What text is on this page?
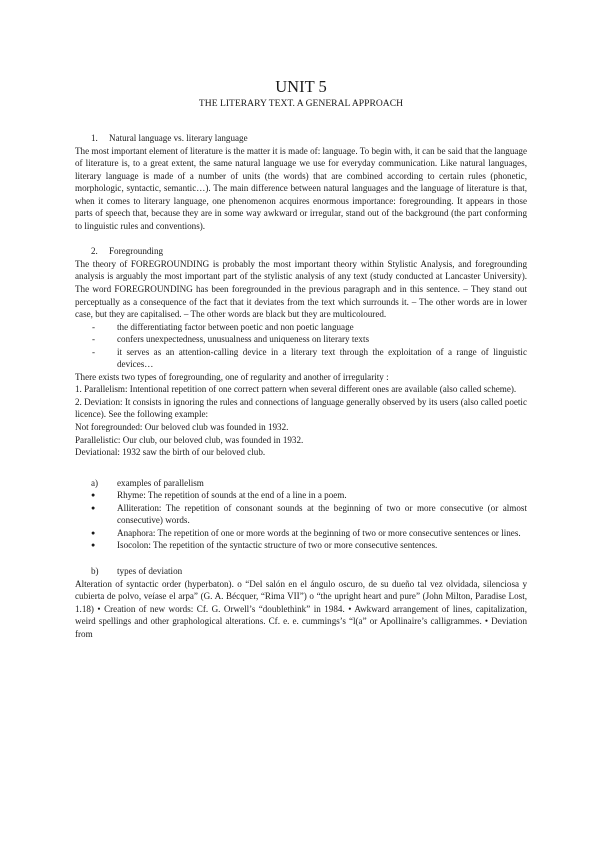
UNIT 5
THE LITERARY TEXT. A GENERAL APPROACH
1. Natural language vs. literary language

The most important element of literature is the matter it is made of: language. To begin with, it can be said that the language of literature is, to a great extent, the same natural language we use for everyday communication. Like natural languages, literary language is made of a number of units (the words) that are combined according to certain rules (phonetic, morphologic, syntactic, semantic…). The main difference between natural languages and the language of literature is that, when it comes to literary language, one phenomenon acquires enormous importance: foregrounding. It appears in those parts of speech that, because they are in some way awkward or irregular, stand out of the background (the part conforming to linguistic rules and conventions).

2. Foregrounding

The theory of FOREGROUNDING is probably the most important theory within Stylistic Analysis, and foregrounding analysis is arguably the most important part of the stylistic analysis of any text (study conducted at Lancaster University). The word FOREGROUNDING has been foregrounded in the previous paragraph and in this sentence. – They stand out perceptually as a consequence of the fact that it deviates from the text which surrounds it. – The other words are in lower case, but they are capitalised. – The other words are black but they are multicoloured.

- the differentiating factor between poetic and non poetic language
- confers unexpectedness, unusualness and uniqueness on literary texts
- it serves as an attention-calling device in a literary text through the exploitation of a range of linguistic devices…

There exists two types of foregrounding, one of regularity and another of irregularity :

1. Parallelism: Intentional repetition of one correct pattern when several different ones are available (also called scheme).

2. Deviation: It consists in ignoring the rules and connections of language generally observed by its users (also called poetic licence). See the following example:

Not foregrounded: Our beloved club was founded in 1932.

Parallelistic: Our club, our beloved club, was founded in 1932.

Deviational: 1932 saw the birth of our beloved club.

a) examples of parallelism
● Rhyme: The repetition of sounds at the end of a line in a poem.
● Alliteration: The repetition of consonant sounds at the beginning of two or more consecutive (or almost consecutive) words.
● Anaphora: The repetition of one or more words at the beginning of two or more consecutive sentences or lines.
● Isocolon: The repetition of the syntactic structure of two or more consecutive sentences.
b) types of deviation

Alteration of syntactic order (hyperbaton). o “Del salón en el ángulo oscuro, de su dueño tal vez olvidada, silenciosa y cubierta de polvo, veíase el arpa” (G. A. Bécquer, “Rima VII”) o “the upright heart and pure” (John Milton, Paradise Lost, 1.18) • Creation of new words: Cf. G. Orwell’s “doublethink” in 1984. • Awkward arrangement of lines, capitalization, weird spellings and other graphological alterations. Cf. e. e. cummings’s “l(a” or Apollinaire’s calligrammes. • Deviation from
